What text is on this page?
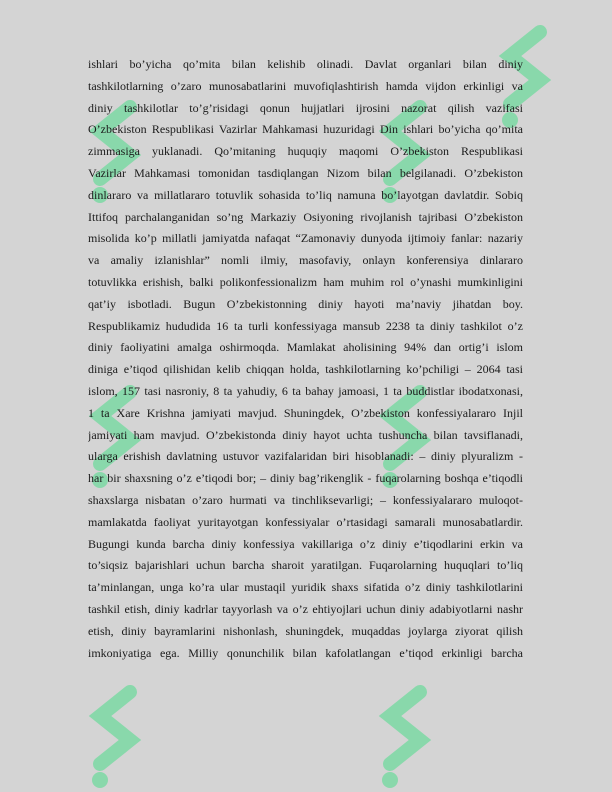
ishlari bo’yicha qo’mita bilan kelishib olinadi. Davlat organlari bilan diniy
tashkilotlarning o’zaro munosabatlarini muvofiqlashtirish hamda vijdon erkinligi va
diniy tashkilotlar to’g’risidagi qonun hujjatlari ijrosini nazorat qilish vazifasi
O’zbekiston Respublikasi Vazirlar Mahkamasi huzuridagi Din ishlari bo’yicha qo’mita
zimmasiga yuklanadi. Qo’mitaning huquqiy maqomi O’zbekiston Respublikasi
Vazirlar Mahkamasi tomonidan tasdiqlangan Nizom bilan belgilanadi. O’zbekiston
dinlararo va millatlararo totuvlik sohasida to’liq namuna bo’layotgan davlatdir. Sobiq
Ittifoq parchalanganidan so’ng Markaziy Osiyoning rivojlanish tajribasi O’zbekiston
misolida ko’p millatli jamiyatda nafaqat “Zamonaviy dunyoda ijtimoiy fanlar: nazariy
va amaliy izlanishlar” nomli ilmiy, masofaviy, onlayn konferensiya dinlararo
totuvlikka erishish, balki polikonfessionalizm ham muhim rol o’ynashi mumkinligini
qat’iy isbotladi. Bugun O’zbekistonning diniy hayoti ma’naviy jihatdan boy.
Respublikamiz hududida 16 ta turli konfessiyaga mansub 2238 ta diniy tashkilot o’z
diniy faoliyatini amalga oshirmoqda. Mamlakat aholisining 94% dan ortig’i islom
diniga e’tiqod qilishidan kelib chiqqan holda, tashkilotlarning ko’pchiligi – 2064 tasi
islom, 157 tasi nasroniy, 8 ta yahudiy, 6 ta bahay jamoasi, 1 ta buddistlar ibodatxonasi,
1 ta Xare Krishna jamiyati mavjud. Shuningdek, O’zbekiston konfessiyalararo Injil
jamiyati ham mavjud. O’zbekistonda diniy hayot uchta tushuncha bilan tavsiflanadi,
ularga erishish davlatning ustuvor vazifalaridan biri hisoblanadi: – diniy plyuralizm -
har bir shaxsning o’z e’tiqodi bor; – diniy bag’rikenglik - fuqarolarning boshqa e’tiqodli
shaxslarga nisbatan o’zaro hurmati va tinchliksevarligi; – konfessiyalararo muloqot-
mamlakatda faoliyat yuritayotgan konfessiyalar o’rtasidagi samarali munosabatlardir.
Bugungi kunda barcha diniy konfessiya vakillariga o’z diniy e’tiqodlarini erkin va
to’siqsiz bajarishlari uchun barcha sharoit yaratilgan. Fuqarolarning huquqlari to’liq
ta’minlangan, unga ko’ra ular mustaqil yuridik shaxs sifatida o’z diniy tashkilotlarini
tashkil etish, diniy kadrlar tayyorlash va o’z ehtiyojlari uchun diniy adabiyotlarni nashr
etish, diniy bayramlarini nishonlash, shuningdek, muqaddas joylarga ziyorat qilish
imkoniyatiga ega. Milliy qonunchilik bilan kafolatlangan e’tiqod erkinligi barcha
